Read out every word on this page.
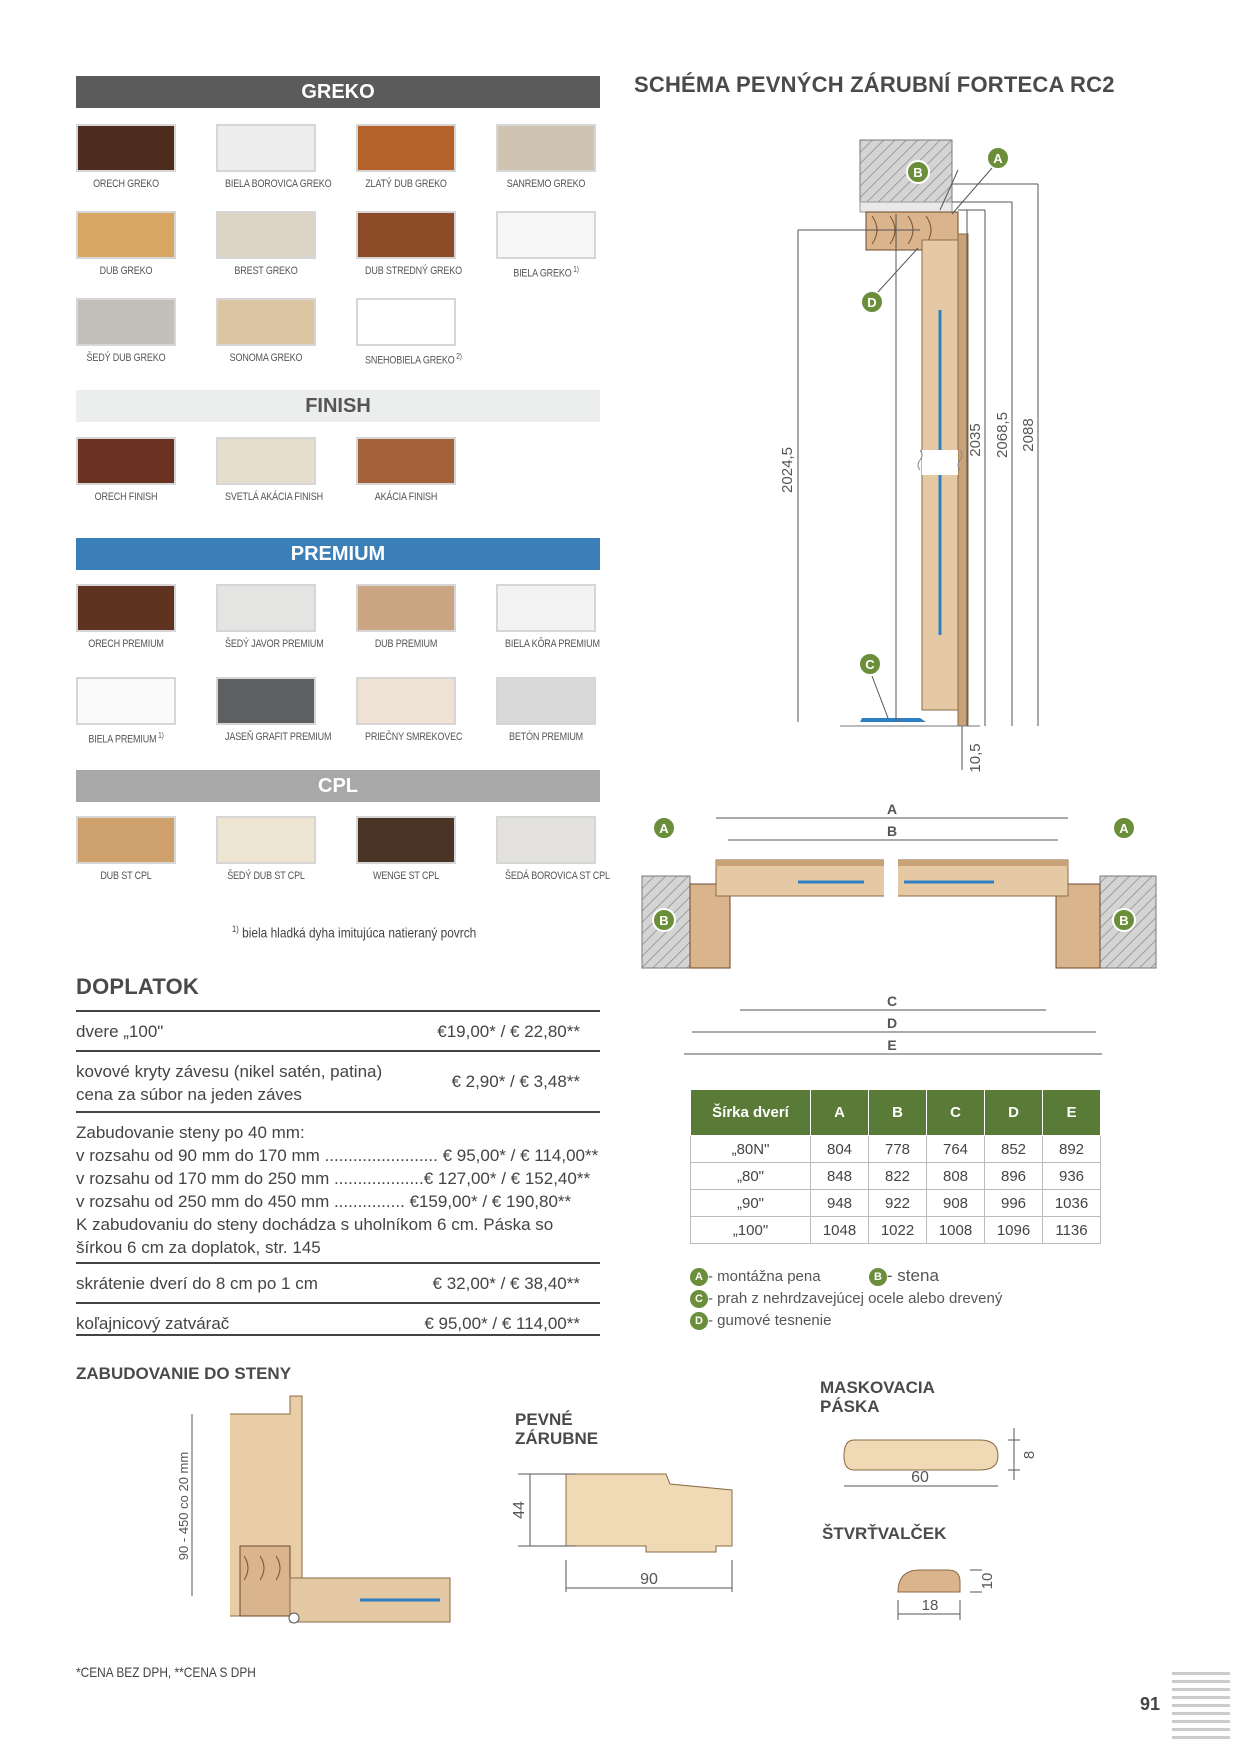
GREKO
ORECH GREKO	BIELA BOROVICA GREKO	ZLATÝ DUB GREKO	SANREMO GREKO
DUB GREKO	BREST GREKO	DUB STREDNÝ GREKO	BIELA GREKO $^{1)}$
ŠEDÝ DUB GREKO	SONOMA GREKO	SNEHOBIELA GREKO $^{2)}$
FINISH
ORECH FINISH	SVETLÁ AKÁCIA FINISH	AKÁCIA FINISH
PREMIUM
ORECH PREMIUM	ŠEDÝ JAVOR PREMIUM	DUB PREMIUM	BIELA KÔRA PREMIUM
BIELA PREMIUM $^{1)}$	JASEŇ GRAFIT PREMIUM	PRIEČNY SMREKOVEC	BETÓN PREMIUM
CPL
DUB ST CPL	ŠEDÝ DUB ST CPL	WENGE ST CPL	ŠEDÁ BOROVICA ST CPL
$^{1)}$ biela hladká dyha imitujúca natieraný povrch
DOPLATOK
dvere „100"	€19,00* / € 22,80**
kovové kryty závesu (nikel satén, patina)
cena za súbor na jeden záves
€ 2,90* / € 3,48**
Zabudovanie steny po 40 mm:
v rozsahu od 90 mm do 170 mm ........................ € 95,00* / € 114,00**
v rozsahu od 170 mm do 250 mm ...................€ 127,00* / € 152,40**
v rozsahu od 250 mm do 450 mm ............... €159,00* / € 190,80**
K zabudovaniu do steny dochádza s uholníkom 6 cm. Páska so
šírkou 6 cm za doplatok, str. 145
skrátenie dverí do 8 cm po 1 cm	€ 32,00* / € 38,40**
koľajnicový zatvárač	€ 95,00* / € 114,00**
SCHÉMA PEVNÝCH ZÁRUBNÍ FORTECA RC2
2024,5
2035 2068,5 2088
10,5
B
A
D
C
A
B
C
D
E
A
B
A
B
Šírka dverí	A	B	C	D	E
„80N"	804	778	764	852	892
„80"	848	822	808	896	936
„90"	948	922	908	996	1036
„100"	1048	1022	1008	1096	1136
A - montážna pena	B - stena
C - prah z nehrdzavejúcej ocele alebo drevený
D - gumové tesnenie
ZABUDOVANIE DO STENY
90 - 450 co 20 mm
PEVNÉ
ZÁRUBNE
44
90
MASKOVACIA
PÁSKA
60
8
ŠTVRŤVALČEK
18
10
*CENA BEZ DPH, **CENA S DPH
91
